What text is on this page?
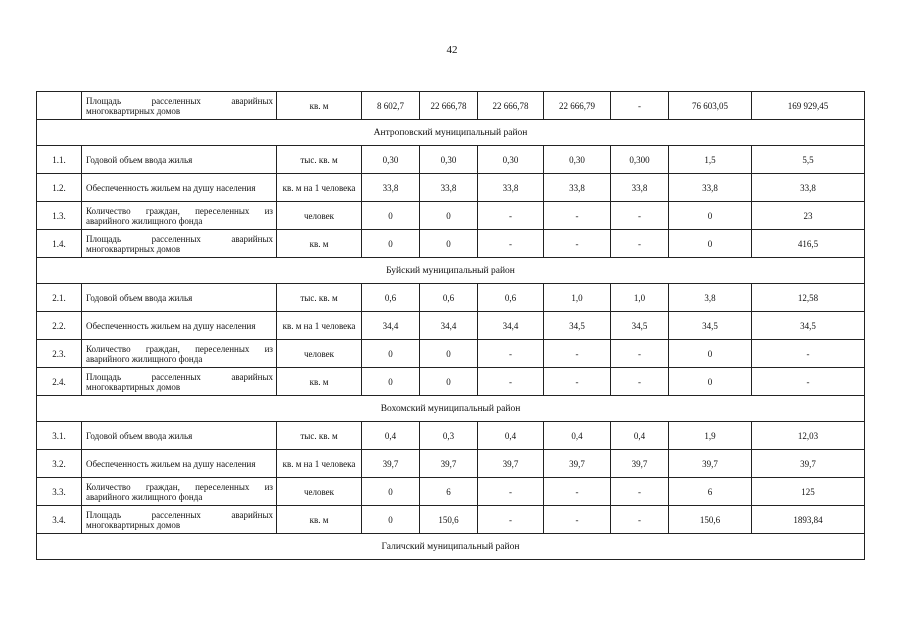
42
	Площадь расселенных аварийных многоквартирных домов	кв. м	8 602,7	22 666,78	22 666,78	22 666,79	-	76 603,05	169 929,45
Антроповский муниципальный район									
1.1.	Годовой объем ввода жилья	тыс. кв. м	0,30	0,30	0,30	0,30	0,300	1,5	5,5
1.2.	Обеспеченность жильем на душу населения	кв. м на 1 человека	33,8	33,8	33,8	33,8	33,8	33,8	33,8
1.3.	Количество граждан, переселенных из аварийного жилищного фонда	человек	0	0	-	-	-	0	23
1.4.	Площадь расселенных аварийных многоквартирных домов	кв. м	0	0	-	-	-	0	416,5
Буйский муниципальный район									
2.1.	Годовой объем ввода жилья	тыс. кв. м	0,6	0,6	0,6	1,0	1,0	3,8	12,58
2.2.	Обеспеченность жильем на душу населения	кв. м на 1 человека	34,4	34,4	34,4	34,5	34,5	34,5	34,5
2.3.	Количество граждан, переселенных из аварийного жилищного фонда	человек	0	0	-	-	-	0	-
2.4.	Площадь расселенных аварийных многоквартирных домов	кв. м	0	0	-	-	-	0	-
Вохомский муниципальный район									
3.1.	Годовой объем ввода жилья	тыс. кв. м	0,4	0,3	0,4	0,4	0,4	1,9	12,03
3.2.	Обеспеченность жильем на душу населения	кв. м на 1 человека	39,7	39,7	39,7	39,7	39,7	39,7	39,7
3.3.	Количество граждан, переселенных из аварийного жилищного фонда	человек	0	6	-	-	-	6	125
3.4.	Площадь расселенных аварийных многоквартирных домов	кв. м	0	150,6	-	-	-	150,6	1893,84
Галичский муниципальный район									
